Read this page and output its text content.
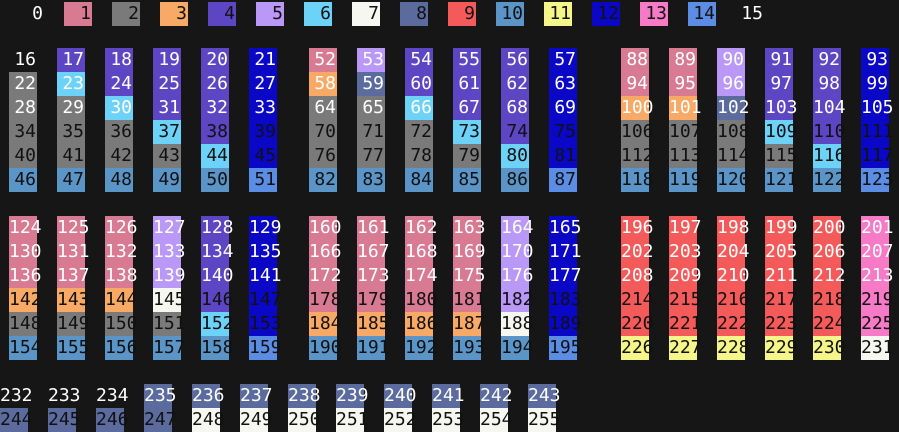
0	1	2	3	4	5	6	7	8	9 10 11 12 13 14 15
16 17 18 19 20 21
22 23 24 25 26 27
28 29 30 31 32 33
34 35 36 37 38 39
40 41 42 43 44 45
46 47 48 49 50 51
52 53 54 55 56 57
58 59 60 61 62 63
64 65 66 67 68 69
70 71 72 73 74 75
76 77 78 79 80 81
82 83 84 85 86 87
88 89 90 91 92 93
94 95 96 97 98 99
100 101 102 103 104 105
106 107 108 109 110 111
112 113 114 115 116 117
118 119 120 121 122 123
124 125 126 127 128 129
130 131 132 133 134 135
136 137 138 139 140 141
142 143 144 145 146 147
148 149 150 151 152 153
154 155 156 157 158 159
160 161 162 163 164 165
166 167 168 169 170 171
172 173 174 175 176 177
178 179 180 181 182 183
184 185 186 187 188 189
190 191 192 193 194 195
196 197 198 199 200 201
202 203 204 205 206 207
208 209 210 211 212 213
214 215 216 217 218 219
220 221 222 223 224 225
226 227 228 229 230 231
232 233 234 235 236 237 238 239 240 241 242 243
244 245 246 247 248 249 250 251 252 253 254 255
